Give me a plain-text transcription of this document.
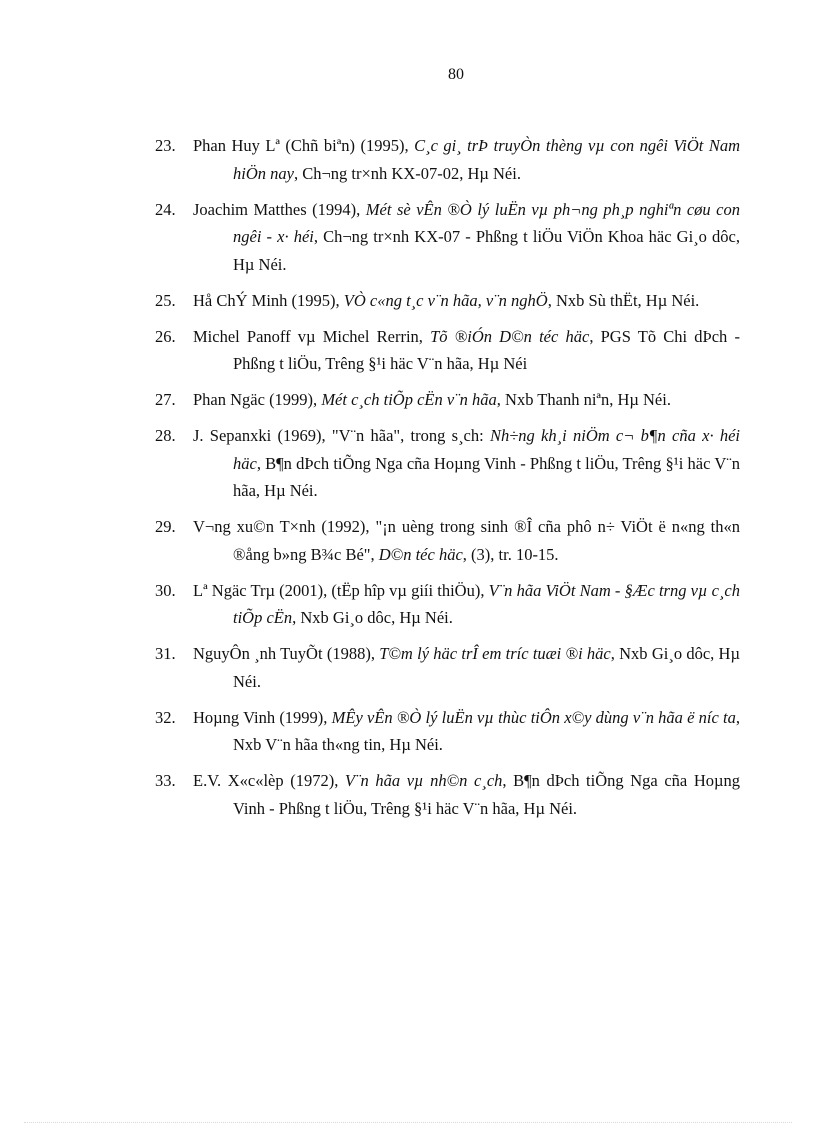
80
23.	Phan Huy Lª (Chñ biªn) (1995), C¸c gi¸ trÞ truyÒn thèng vµ con ngêi ViÖt Nam hiÖn nay, Ch¬ng tr×nh KX-07-02, Hµ Néi.
24.	Joachim Matthes (1994), Mét sè vÊn ®Ò lý luËn vµ ph¬ng ph¸p nghiªn cøu con ngêi - x· héi, Ch¬ng tr×nh KX-07 - Phßng t liÖu ViÖn Khoa häc Gi¸o dôc, Hµ Néi.
25.	Hå ChÝ Minh (1995), VÒ c«ng t¸c v¨n hãa, v¨n nghÖ, Nxb Sù thËt, Hµ Néi.
26.	Michel Panoff vµ Michel Rerrin, Tõ ®iÓn D©n téc häc, PGS Tõ Chi dÞch - Phßng t liÖu, Trêng §¹i häc V¨n hãa, Hµ Néi
27.	Phan Ngäc (1999), Mét c¸ch tiÕp cËn v¨n hãa, Nxb Thanh niªn, Hµ Néi.
28.	J. Sepanxki (1969), "V¨n hãa", trong s¸ch: Nh÷ng kh¸i niÖm c¬ b¶n cña x· héi häc, B¶n dÞch tiÕng Nga cña Hoµng Vinh - Phßng t liÖu, Trêng §¹i häc V¨n hãa, Hµ Néi.
29.	V¬ng xu©n T×nh (1992), "¡n uèng trong sinh ®Î cña phô n÷ ViÖt ë n«ng th«n ®ång b»ng B¾c Bé", D©n téc häc, (3), tr. 10-15.
30.	Lª Ngäc Trµ (2001), (tËp hîp vµ giíi thiÖu), V¨n hãa ViÖt Nam - §Æc trng vµ c¸ch tiÕp cËn, Nxb Gi¸o dôc, Hµ Néi.
31.	NguyÔn ¸nh TuyÕt (1988), T©m lý häc trÎ em tríc tuæi ®i häc, Nxb Gi¸o dôc, Hµ Néi.
32.	Hoµng Vinh (1999), MÊy vÊn ®Ò lý luËn vµ thùc tiÔn x©y dùng v¨n hãa ë níc ta, Nxb V¨n hãa th«ng tin, Hµ Néi.
33.	E.V. X«c«lèp (1972), V¨n hãa vµ nh©n c¸ch, B¶n dÞch tiÕng Nga cña Hoµng Vinh - Phßng t liÖu, Trêng §¹i häc V¨n hãa, Hµ Néi.
